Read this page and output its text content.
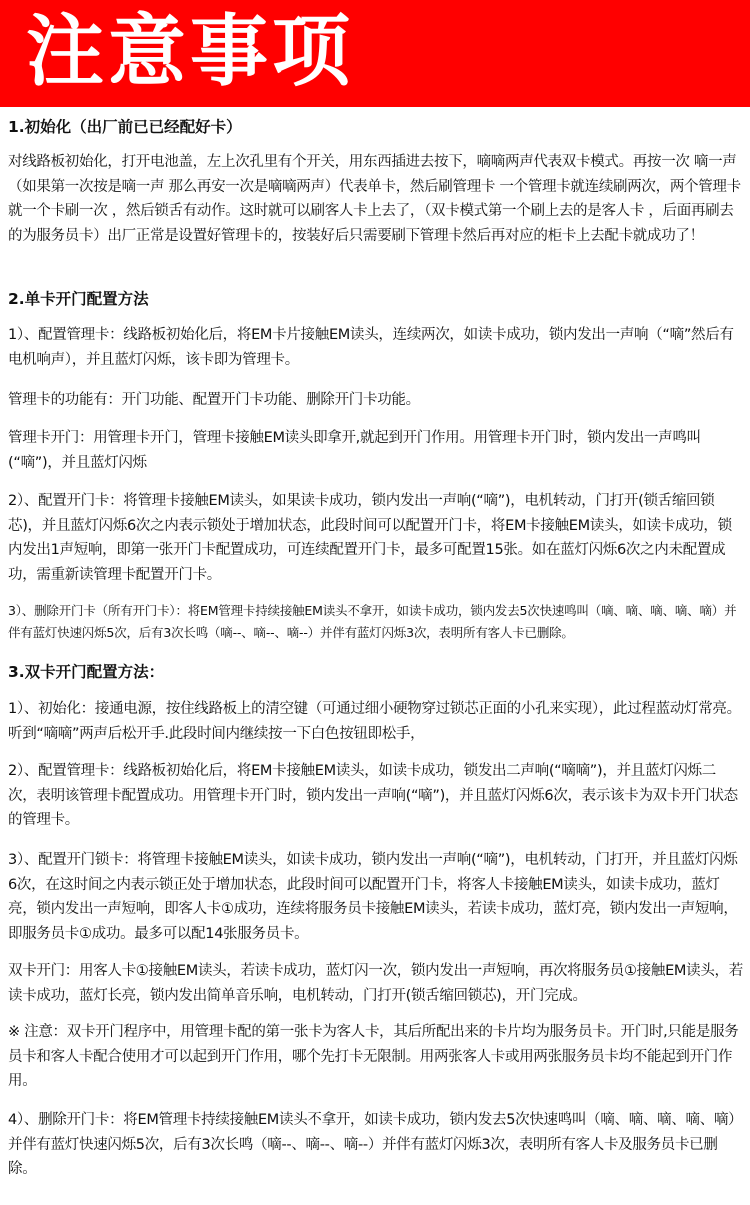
注意事项
1.初始化（出厂前已已经配好卡）
对线路板初始化，打开电池盖，左上次孔里有个开关，用东西插进去按下，嘀嘀两声代表双卡模式。再按一次 嘀一声（如果第一次按是嘀一声 那么再安一次是嘀嘀两声）代表单卡，然后刷管理卡 一个管理卡就连续刷两次，两个管理卡就一个卡刷一次 ，然后锁舌有动作。这时就可以刷客人卡上去了，（双卡模式第一个刷上去的是客人卡 ，后面再刷去的为服务员卡）出厂正常是设置好管理卡的，按装好后只需要刷下管理卡然后再对应的柜卡上去配卡就成功了！
2.单卡开门配置方法
1）、配置管理卡：线路板初始化后，将EM卡片接触EM读头，连续两次，如读卡成功，锁内发出一声响（“嘀”然后有电机响声），并且蓝灯闪烁，该卡即为管理卡。
管理卡的功能有：开门功能、配置开门卡功能、删除开门卡功能。
管理卡开门：用管理卡开门，管理卡接触EM读头即拿开,就起到开门作用。用管理卡开门时，锁内发出一声鸣叫(“嘀”)，并且蓝灯闪烁
2）、配置开门卡：将管理卡接触EM读头，如果读卡成功，锁内发出一声响(“嘀”)，电机转动，门打开(锁舌缩回锁芯)，并且蓝灯闪烁6次之内表示锁处于增加状态，此段时间可以配置开门卡，将EM卡接触EM读头，如读卡成功，锁内发出1声短响，即第一张开门卡配置成功，可连续配置开门卡，最多可配置15张。如在蓝灯闪烁6次之内未配置成功，需重新读管理卡配置开门卡。
3）、删除开门卡（所有开门卡）：将EM管理卡持续接触EM读头不拿开，如读卡成功，锁内发去5次快速鸣叫（嘀、嘀、嘀、嘀、嘀）并伴有蓝灯快速闪烁5次，后有3次长鸣（嘀--、嘀--、嘀--）并伴有蓝灯闪烁3次，表明所有客人卡已删除。
3.双卡开门配置方法：
1）、初始化：接通电源，按住线路板上的清空键（可通过细小硬物穿过锁芯正面的小孔来实现），此过程蓝动灯常亮。听到“嘀嘀”两声后松开手.此段时间内继续按一下白色按钮即松手，
2）、配置管理卡：线路板初始化后，将EM卡接触EM读头，如读卡成功，锁发出二声响(“嘀嘀”)，并且蓝灯闪烁二次，表明该管理卡配置成功。用管理卡开门时，锁内发出一声响(“嘀”)，并且蓝灯闪烁6次，表示该卡为双卡开门状态的管理卡。
3）、配置开门锁卡：将管理卡接触EM读头，如读卡成功，锁内发出一声响(“嘀”)，电机转动，门打开，并且蓝灯闪烁6次，在这时间之内表示锁正处于增加状态，此段时间可以配置开门卡，将客人卡接触EM读头，如读卡成功，蓝灯亮，锁内发出一声短响，即客人卡①成功，连续将服务员卡接触EM读头，若读卡成功，蓝灯亮，锁内发出一声短响，即服务员卡①成功。最多可以配14张服务员卡。
双卡开门：用客人卡①接触EM读头，若读卡成功，蓝灯闪一次，锁内发出一声短响，再次将服务员①接触EM读头，若读卡成功，蓝灯长亮，锁内发出简单音乐响，电机转动，门打开(锁舌缩回锁芯)，开门完成。
※ 注意：双卡开门程序中，用管理卡配的第一张卡为客人卡，其后所配出来的卡片均为服务员卡。开门时,只能是服务员卡和客人卡配合使用才可以起到开门作用，哪个先打卡无限制。用两张客人卡或用两张服务员卡均不能起到开门作用。
4）、删除开门卡：将EM管理卡持续接触EM读头不拿开，如读卡成功，锁内发去5次快速鸣叫（嘀、嘀、嘀、嘀、嘀）并伴有蓝灯快速闪烁5次，后有3次长鸣（嘀--、嘀--、嘀--）并伴有蓝灯闪烁3次，表明所有客人卡及服务员卡已删除。
